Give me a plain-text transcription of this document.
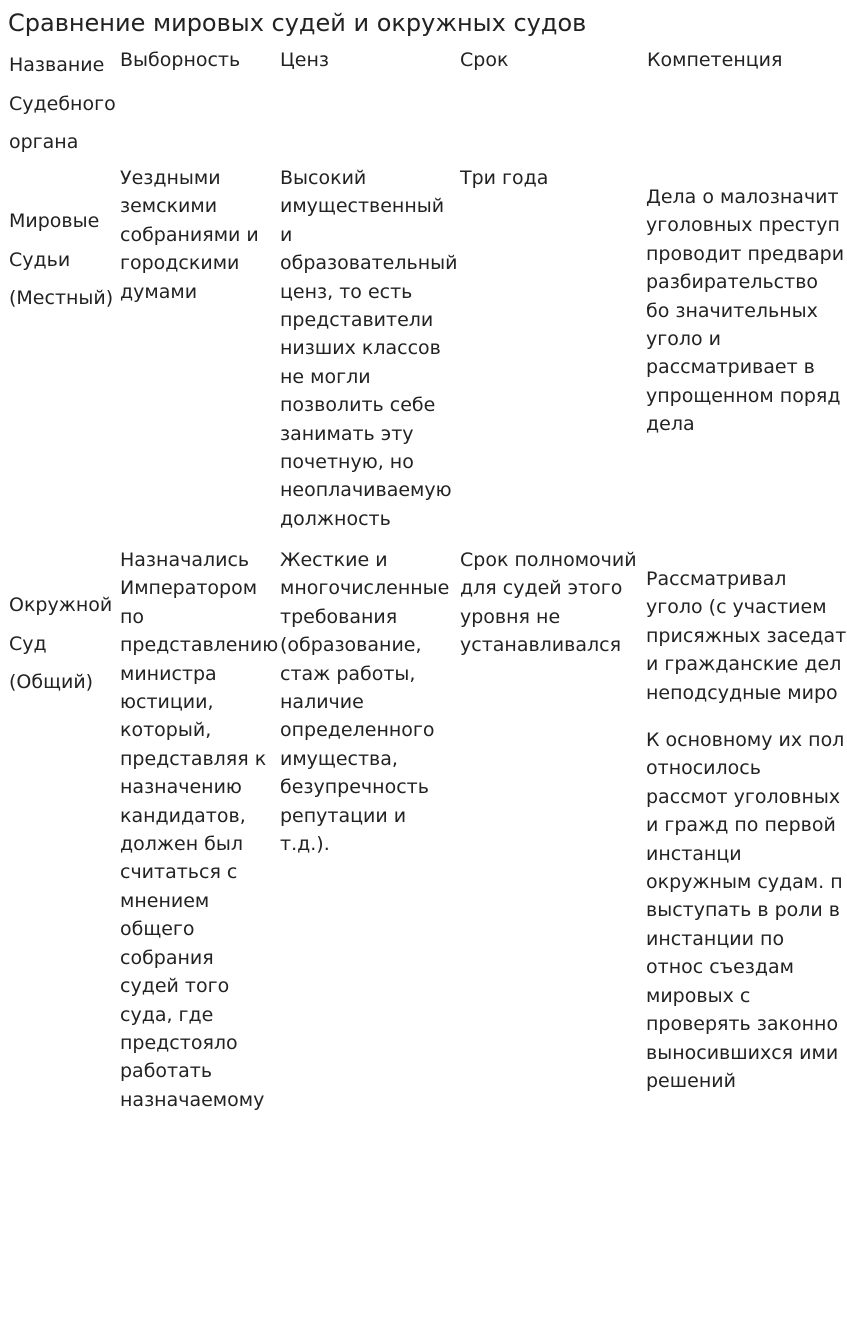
Сравнение мировых судей и окружных судов
Название
Судебного
органа
Выборность Ценз	Срок	Компетенция
Мировые
Судьи
(Местный)
Уездными
земскими
собраниями и
городскими
думами
Высокий
имущественный
и
образовательный
ценз, то есть
представители
низших классов
не могли
позволить себе
занимать эту
почетную, но
неоплачиваемую
должность
Три года

Дела о малозначит уголовных преступ проводит предвари разбирательство бо значительных уголо и рассматривает в упрощенном поряд дела

Окружной
Суд
(Общий)
Назначались
Императором
по
представлению
министра
юстиции,
который,
представляя к
назначению
кандидатов,
должен был
считаться с
мнением
общего
собрания
судей того
суда, где
предстояло
работать
назначаемому
Жесткие и
многочисленные
требования
(образование,
стаж работы,
наличие
определенного
имущества,
безупречность
репутации и
т.д.).
Срок полномочий
для судей этого
уровня не
устанавливался

Рассматривал уголо (с участием присяжных заседат и гражданские дел неподсудные миро

К основному их пол относилось рассмот уголовных и гражд по первой инстанци окружным судам. п выступать в роли в инстанции по относ съездам мировых с проверять законно выносившихся ими решений
